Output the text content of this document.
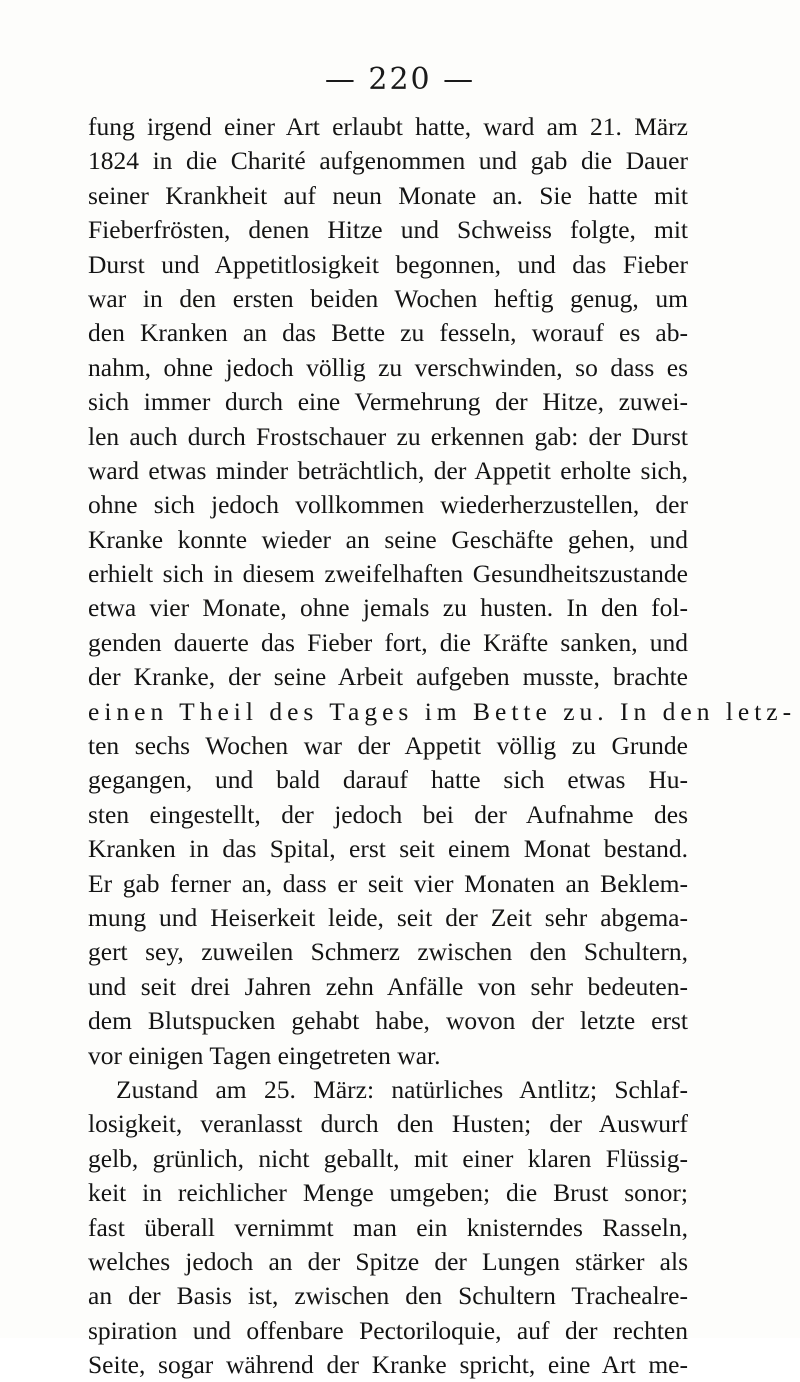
— 220 —
fung irgend einer Art erlaubt hatte, ward am 21. März
1824 in die Charité aufgenommen und gab die Dauer
seiner Krankheit auf neun Monate an. Sie hatte mit
Fieberfrösten, denen Hitze und Schweiss folgte, mit
Durst und Appetitlosigkeit begonnen, und das Fieber
war in den ersten beiden Wochen heftig genug, um
den Kranken an das Bette zu fesseln, worauf es ab-
nahm, ohne jedoch völlig zu verschwinden, so dass es
sich immer durch eine Vermehrung der Hitze, zuwei-
len auch durch Frostschauer zu erkennen gab: der Durst
ward etwas minder beträchtlich, der Appetit erholte sich,
ohne sich jedoch vollkommen wiederherzustellen, der
Kranke konnte wieder an seine Geschäfte gehen, und
erhielt sich in diesem zweifelhaften Gesundheitszustande
etwa vier Monate, ohne jemals zu husten. In den fol-
genden dauerte das Fieber fort, die Kräfte sanken, und
der Kranke, der seine Arbeit aufgeben musste, brachte
einen Theil des Tages im Bette zu. In den letz-
ten sechs Wochen war der Appetit völlig zu Grunde
gegangen, und bald darauf hatte sich etwas Hu-
sten eingestellt, der jedoch bei der Aufnahme des
Kranken in das Spital, erst seit einem Monat bestand.
Er gab ferner an, dass er seit vier Monaten an Beklem-
mung und Heiserkeit leide, seit der Zeit sehr abgema-
gert sey, zuweilen Schmerz zwischen den Schultern,
und seit drei Jahren zehn Anfälle von sehr bedeuten-
dem Blutspucken gehabt habe, wovon der letzte erst
vor einigen Tagen eingetreten war.
Zustand am 25. März: natürliches Antlitz; Schlaf-
losigkeit, veranlasst durch den Husten; der Auswurf
gelb, grünlich, nicht geballt, mit einer klaren Flüssig-
keit in reichlicher Menge umgeben; die Brust sonor;
fast überall vernimmt man ein knisterndes Rasseln,
welches jedoch an der Spitze der Lungen stärker als
an der Basis ist, zwischen den Schultern Trachealre-
spiration und offenbare Pectoriloquie, auf der rechten
Seite, sogar während der Kranke spricht, eine Art me-
